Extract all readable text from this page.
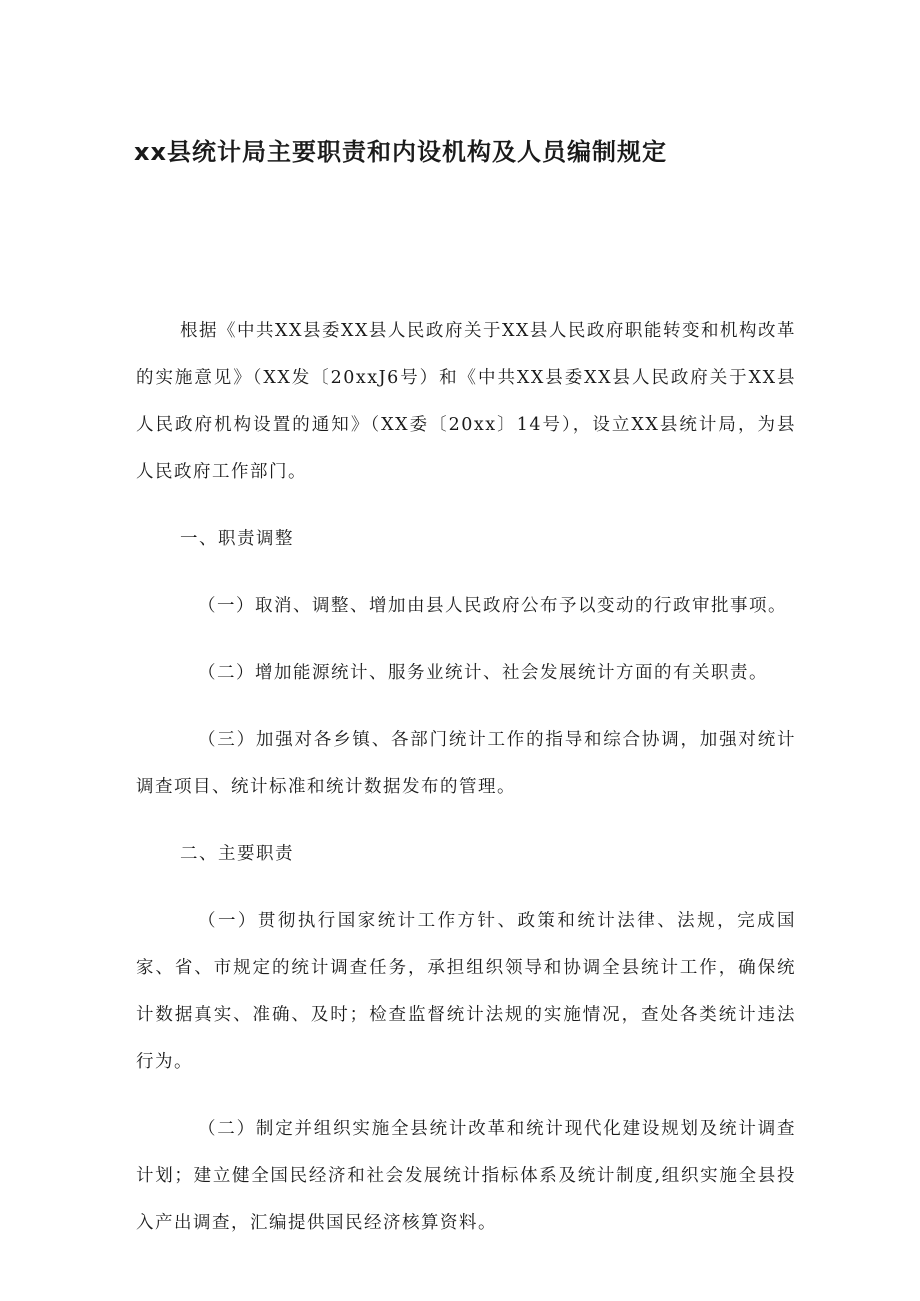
xx县统计局主要职责和内设机构及人员编制规定

根据《中共XX县委XX县人民政府关于XX县人民政府职能转变和机构改革的实施意见》（XX发〔20xxJ6号）和《中共XX县委XX县人民政府关于XX县人民政府机构设置的通知》（XX委〔20xx〕14号），设立XX县统计局，为县人民政府工作部门。

一、职责调整

（一）取消、调整、增加由县人民政府公布予以变动的行政审批事项。

（二）增加能源统计、服务业统计、社会发展统计方面的有关职责。

（三）加强对各乡镇、各部门统计工作的指导和综合协调，加强对统计调查项目、统计标准和统计数据发布的管理。

二、主要职责

（一）贯彻执行国家统计工作方针、政策和统计法律、法规，完成国家、省、市规定的统计调查任务，承担组织领导和协调全县统计工作，确保统计数据真实、准确、及时；检查监督统计法规的实施情况，查处各类统计违法行为。

（二）制定并组织实施全县统计改革和统计现代化建设规划及统计调查计划；建立健全国民经济和社会发展统计指标体系及统计制度,组织实施全县投入产出调查，汇编提供国民经济核算资料。
